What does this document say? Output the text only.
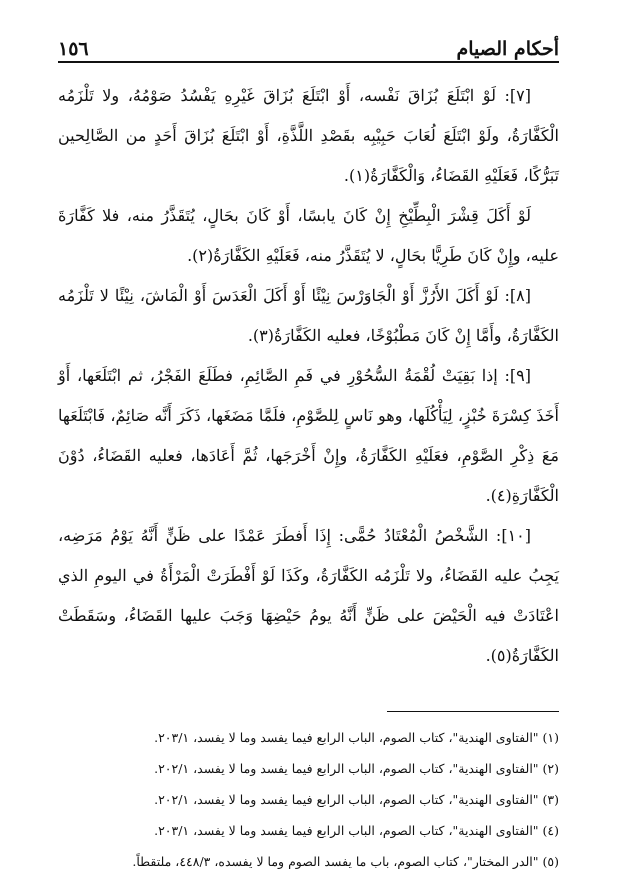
أحكام الصيام
١٥٦

[٧]: لَوْ ابْتَلَعَ بُزَاقَ نَفْسه، أَوْ ابْتَلَعَ بُزَاقَ غَيْرِهِ يَفْسُدُ صَوْمُهُ، ولا تَلْزَمُه الْكَفَّارَةُ، ولَوْ ابْتَلَعَ لُعَابَ حَبِيْبِه بقَصْدِ اللَّذَّةِ، أَوْ ابْتَلَعَ بُزَاقَ أَحَدٍ من الصَّالِحين تَبَرُّكًا، فَعَلَيْهِ القَضَاءُ، وَالْكَفَّارَةُ(١).

لَوْ أَكَلَ قِشْرَ الْبِطِّيْخِ إِنْ كَانَ يابسًا، أَوْ كَانَ بحَالٍ، يُتَقَذَّرُ منه، فلا كَفَّارَةَ عليه، وإِنْ كَانَ طَرِيًّا بحَالٍ، لا يُتَقَذَّرُ منه، فَعَلَيْهِ الكَفَّارَةُ(٢).

[٨]: لَوْ أَكَلَ الأَرُزَّ أَوْ الْجَاوَرْسَ نِيْئًا أَوْ أَكَلَ الْعَدَسَ أَوْ الْمَاشَ، نِيْئًا لا تَلْزَمُه الكَفَّارَةُ، وأَمَّا إِنْ كَانَ مَطْبُوْخًا، فعليه الكَفَّارَةُ(٣).

[٩]: إذا بَقِيَتْ لُقْمَةُ السُّحُوْرِ في فَمِ الصَّائِمِ، فطَلَعَ الفَجْرُ، ثم ابْتَلَعَها، أَوْ أَخَذَ كِسْرَةَ خُبْزٍ، لِيَأْكُلَها، وهو نَاسٍ لِلصَّوْمِ، فلَمَّا مَضَغَها، ذَكَرَ أَنَّه صَائِمٌ، فَابْتَلَعَها مَعَ ذِكْرِ الصَّوْمِ، فعَلَيْهِ الكَفَّارَةُ، وإِنْ أَخْرَجَها، ثُمَّ أَعَادَها، فعليه القَضَاءُ، دُوْنَ الْكَفَّارَةِ(٤).

[١٠]: الشَّخْصُ الْمُعْتَادُ حُمًّى: إِذَا أَفطَرَ عَمْدًا على ظَنٍّ أَنَّهُ يَوْمُ مَرَضِه، يَجِبُ عليه القَضَاءُ، ولا تَلْزَمُه الكَفَّارَةُ، وكَذَا لَوْ أَفْطَرَتْ الْمَرْأَةُ في اليومِ الذي اعْتَادَتْ فيه الْحَيْضَ على ظَنٍّ أَنَّهُ يومُ حَيْضِهَا وَجَبَ عليها القَضَاءُ، وسَقَطَتْ الكَفَّارَةُ(٥).

(١) "الفتاوى الهندية"، كتاب الصوم، الباب الرابع فيما يفسد وما لا يفسد، ٢٠٣/١.
(٢) "الفتاوى الهندية"، كتاب الصوم، الباب الرابع فيما يفسد وما لا يفسد، ٢٠٢/١.
(٣) "الفتاوى الهندية"، كتاب الصوم، الباب الرابع فيما يفسد وما لا يفسد، ٢٠٢/١.
(٤) "الفتاوى الهندية"، كتاب الصوم، الباب الرابع فيما يفسد وما لا يفسد، ٢٠٣/١.
(٥) "الدر المختار"، كتاب الصوم، باب ما يفسد الصوم وما لا يفسده، ٤٤٨/٣، ملتقطاً.
